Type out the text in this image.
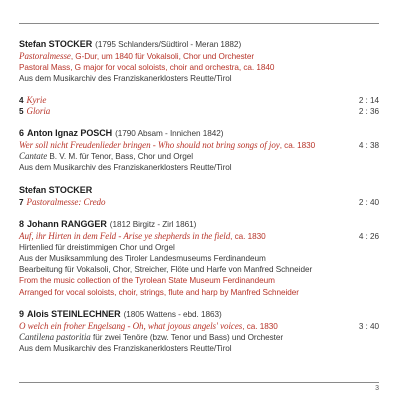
Stefan STOCKER (1795 Schlanders/Südtirol - Meran 1882)
Pastoralmesse, G-Dur, um 1840 für Vokalsoli, Chor und Orchester
Pastoral Mass, G major for vocal soloists, choir and orchestra, ca. 1840
Aus dem Musikarchiv des Franziskanerklosters Reutte/Tirol
4 Kyrie	2 : 14
5 Gloria	2 : 36
6 Anton Ignaz POSCH (1790 Absam - Innichen 1842)
Wer soll nicht Freudenlieder bringen - Who should not bring songs of joy, ca. 1830	4 : 38
Cantate B. V. M. für Tenor, Bass, Chor und Orgel
Aus dem Musikarchiv des Franziskanerklosters Reutte/Tirol
Stefan STOCKER
7 Pastoralmesse: Credo	2 : 40
8 Johann RANGGER (1812 Birgitz - Zirl 1861)
Auf, ihr Hirten in dem Feld - Arise ye shepherds in the field, ca. 1830	4 : 26
Hirtenlied für dreistimmigen Chor und Orgel
Aus der Musiksammlung des Tiroler Landesmuseums Ferdinandeum
Bearbeitung für Vokalsoli, Chor, Streicher, Flöte und Harfe von Manfred Schneider
From the music collection of the Tyrolean State Museum Ferdinandeum
Arranged for vocal soloists, choir, strings, flute and harp by Manfred Schneider
9 Alois STEINLECHNER (1805 Wattens - ebd. 1863)
O welch ein froher Engelsang - Oh, what joyous angels' voices, ca. 1830	3 : 40
Cantilena pastoritia für zwei Tenöre (bzw. Tenor und Bass) und Orchester
Aus dem Musikarchiv des Franziskanerklosters Reutte/Tirol
3
